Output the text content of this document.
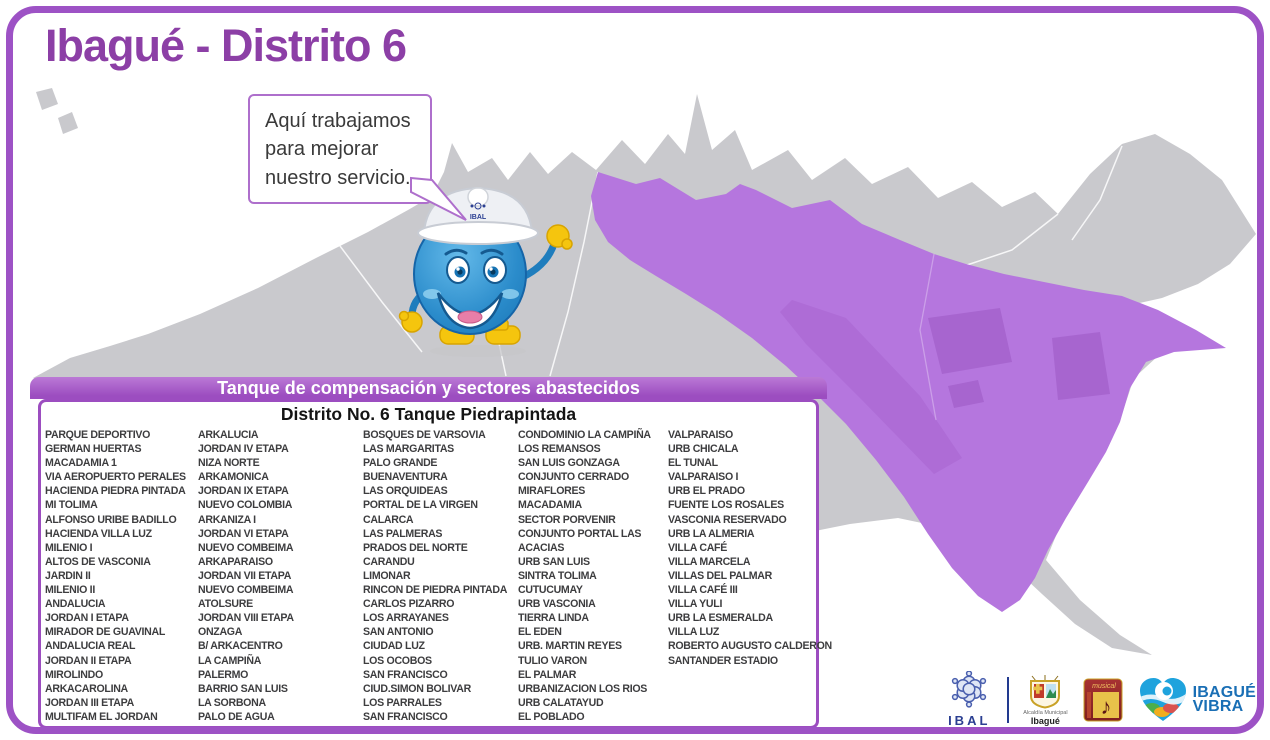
Ibagué - Distrito 6
Aquí trabajamos
para mejorar
nuestro servicio.
IBAL
Tanque de compensación y sectores abastecidos
Distrito No. 6 Tanque Piedrapintada
PARQUE DEPORTIVO
GERMAN HUERTAS
MACADAMIA 1
VIA AEROPUERTO PERALES
HACIENDA PIEDRA PINTADA
MI TOLIMA
ALFONSO URIBE BADILLO
HACIENDA VILLA LUZ
MILENIO I
ALTOS DE VASCONIA
JARDIN II
MILENIO II
ANDALUCIA
JORDAN I ETAPA
MIRADOR DE GUAVINAL
ANDALUCIA REAL
JORDAN II ETAPA
MIROLINDO
ARKACAROLINA
JORDAN III ETAPA
MULTIFAM EL JORDAN
ARKALUCIA
JORDAN IV ETAPA
NIZA NORTE
ARKAMONICA
JORDAN IX ETAPA
NUEVO COLOMBIA
ARKANIZA I
JORDAN VI ETAPA
NUEVO COMBEIMA
ARKAPARAISO
JORDAN VII ETAPA
NUEVO COMBEIMA
ATOLSURE
JORDAN VIII ETAPA
ONZAGA
B/ ARKACENTRO
LA CAMPIÑA
PALERMO
BARRIO SAN LUIS
LA SORBONA
PALO DE AGUA
BOSQUES DE VARSOVIA
LAS MARGARITAS
PALO GRANDE
BUENAVENTURA
LAS ORQUIDEAS
PORTAL DE LA VIRGEN
CALARCA
LAS PALMERAS
PRADOS DEL NORTE
CARANDU
LIMONAR
RINCON DE PIEDRA PINTADA
CARLOS PIZARRO
LOS ARRAYANES
SAN ANTONIO
CIUDAD LUZ
LOS OCOBOS
SAN FRANCISCO
CIUD.SIMON BOLIVAR
LOS PARRALES
SAN FRANCISCO
CONDOMINIO LA CAMPIÑA
LOS REMANSOS
SAN LUIS GONZAGA
CONJUNTO CERRADO
MIRAFLORES
MACADAMIA
SECTOR PORVENIR
CONJUNTO PORTAL LAS
ACACIAS
URB SAN LUIS
SINTRA TOLIMA
CUTUCUMAY
URB VASCONIA
TIERRA LINDA
EL EDEN
URB. MARTIN REYES
TULIO VARON
EL PALMAR
URBANIZACION LOS RIOS
URB CALATAYUD
EL POBLADO
VALPARAISO
URB CHICALA
EL TUNAL
VALPARAISO I
URB EL PRADO
FUENTE LOS ROSALES
VASCONIA RESERVADO
URB LA ALMERIA
VILLA CAFÉ
VILLA MARCELA
VILLAS DEL PALMAR
VILLA CAFÉ III
VILLA YULI
URB LA ESMERALDA
VILLA LUZ
ROBERTO AUGUSTO CALDERON
SANTANDER ESTADIO
IBAL	Alcaldía Municipal
Ibagué
musical
♪
IBAGUÉ
VIBRA
